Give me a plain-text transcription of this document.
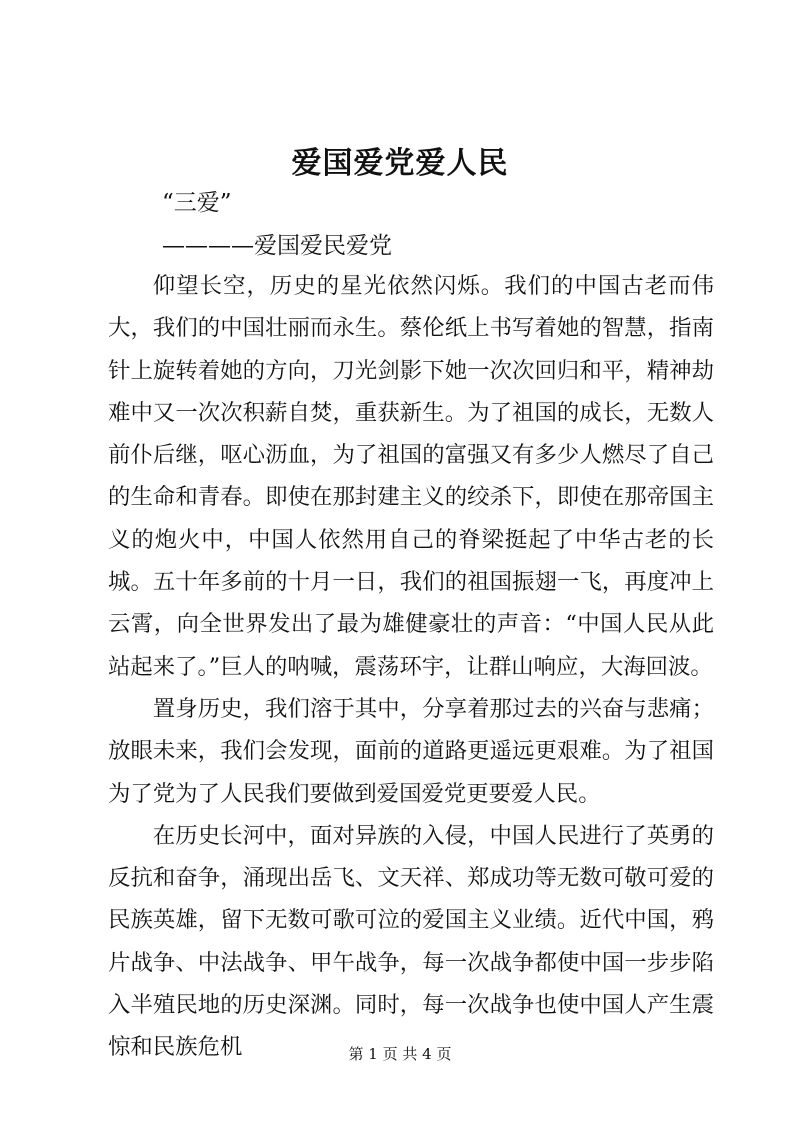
爱国爱党爱人民
“三爱”
————爱国爱民爱党

仰望长空，历史的星光依然闪烁。我们的中国古老而伟大，我们的中国壮丽而永生。蔡伦纸上书写着她的智慧，指南针上旋转着她的方向，刀光剑影下她一次次回归和平，精神劫难中又一次次积薪自焚，重获新生。为了祖国的成长，无数人前仆后继，呕心沥血，为了祖国的富强又有多少人燃尽了自己的生命和青春。即使在那封建主义的绞杀下，即使在那帝国主义的炮火中，中国人依然用自己的脊梁挺起了中华古老的长城。五十年多前的十月一日，我们的祖国振翅一飞，再度冲上云霄，向全世界发出了最为雄健豪壮的声音：“中国人民从此站起来了。”巨人的呐喊，震荡环宇，让群山响应，大海回波。

置身历史，我们溶于其中，分享着那过去的兴奋与悲痛；放眼未来，我们会发现，面前的道路更遥远更艰难。为了祖国为了党为了人民我们要做到爱国爱党更要爱人民。

在历史长河中，面对异族的入侵，中国人民进行了英勇的反抗和奋争，涌现出岳飞、文天祥、郑成功等无数可敬可爱的民族英雄，留下无数可歌可泣的爱国主义业绩。近代中国，鸦片战争、中法战争、甲午战争，每一次战争都使中国一步步陷入半殖民地的历史深渊。同时，每一次战争也使中国人产生震惊和民族危机	第 1 页 共 4 页
